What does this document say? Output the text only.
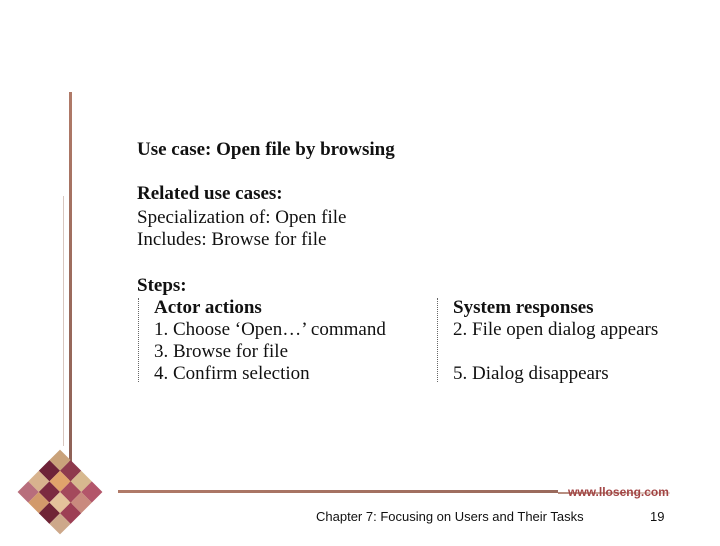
Use case: Open file by browsing
Related use cases:
Specialization of: Open file
Includes: Browse for file
Steps:
Actor actions
1. Choose ‘Open…’ command
3. Browse for file
4. Confirm selection
System responses
2. File open dialog appears
5. Dialog disappears
www.lloseng.com
Chapter 7: Focusing on Users and Their Tasks	19
